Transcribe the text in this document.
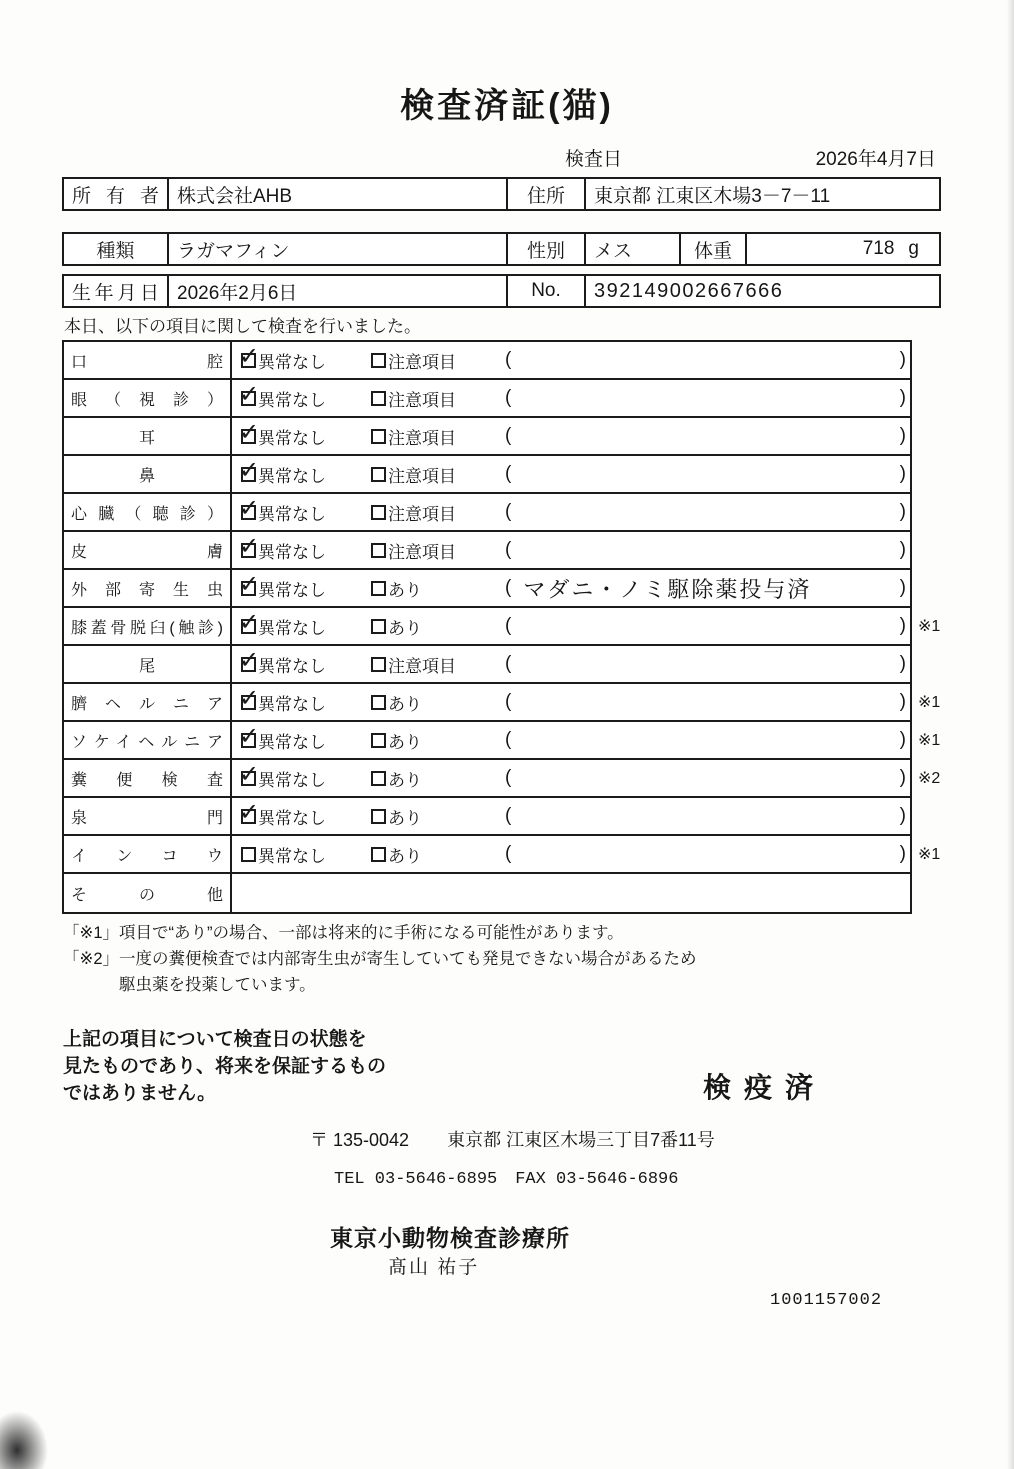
検査済証(猫)
検査日	2026年4月7日
所有者 株式会社AHB	住所	東京都 江東区木場3－7－11
種類	ラガマフィン	性別	メス	体重	718 g
生年月日 2026年2月6日	No.	392149002667666
本日、以下の項目に関して検査を行いました。
口腔 ✓ 異常なし	注意項目	(	)
眼（視診） ✓ 異常なし	注意項目	(	)
耳 ✓	異常なし	注意項目	(	)
鼻 ✓	異常なし	注意項目	(	)
心臓（聴診） ✓ 異常なし	注意項目	(	)
皮膚 ✓ 異常なし	注意項目	(	)
外部寄生虫 ✓ 異常なし	あり	( マダニ・ノミ駆除薬投与済	)
膝蓋骨脱臼(触診) ✓ 異常なし	あり	(	) ※1
尾 ✓	異常なし	注意項目	(	)
臍ヘルニア ✓ 異常なし	あり	(	) ※1
ソケイヘルニア ✓ 異常なし	あり	(	) ※1
糞便検査 ✓ 異常なし	あり	(	) ※2
泉門 ✓ 異常なし	あり	(	)
インコウ 異常なし	あり	(	) ※1
その他
「※1」項目で“あり”の場合、一部は将来的に手術になる可能性があります。
「※2」一度の糞便検査では内部寄生虫が寄生していても発見できない場合があるため
駆虫薬を投薬しています。
上記の項目について検査日の状態を
見たものであり、将来を保証するもの
ではありません。	検疫済
〒 135-0042 東京都 江東区木場三丁目7番11号
TEL 03-5646-6895 FAX 03-5646-6896
東京小動物検査診療所
髙山 祐子
1001157002
